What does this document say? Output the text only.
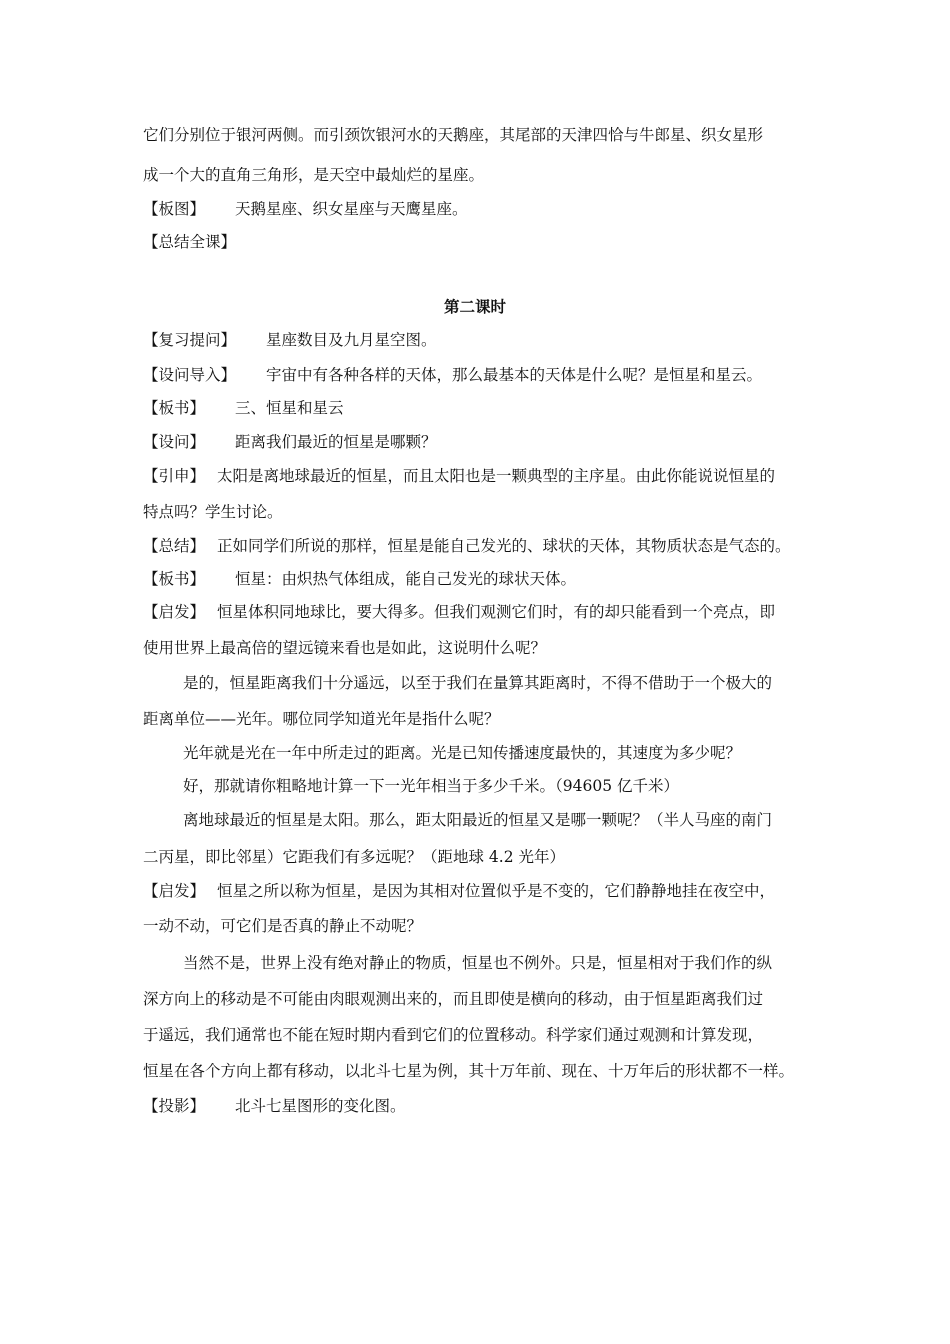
它们分别位于银河两侧。而引颈饮银河水的天鹅座，其尾部的天津四恰与牛郎星、织女星形
成一个大的直角三角形，是天空中最灿烂的星座。
【板图】 天鹅星座、织女星座与天鹰星座。
【总结全课】
第二课时
【复习提问】 星座数目及九月星空图。
【设问导入】 宇宙中有各种各样的天体，那么最基本的天体是什么呢？是恒星和星云。
【板书】 三、恒星和星云
【设问】 距离我们最近的恒星是哪颗？
【引申】 太阳是离地球最近的恒星，而且太阳也是一颗典型的主序星。由此你能说说恒星的
特点吗？学生讨论。
【总结】 正如同学们所说的那样，恒星是能自己发光的、球状的天体，其物质状态是气态的。
【板书】 恒星：由炽热气体组成，能自己发光的球状天体。
【启发】 恒星体积同地球比，要大得多。但我们观测它们时，有的却只能看到一个亮点，即
使用世界上最高倍的望远镜来看也是如此，这说明什么呢？
是的，恒星距离我们十分遥远，以至于我们在量算其距离时，不得不借助于一个极大的
距离单位——光年。哪位同学知道光年是指什么呢？
光年就是光在一年中所走过的距离。光是已知传播速度最快的，其速度为多少呢？
好，那就请你粗略地计算一下一光年相当于多少千米。（94605 亿千米）
离地球最近的恒星是太阳。那么，距太阳最近的恒星又是哪一颗呢？（半人马座的南门
二丙星，即比邻星）它距我们有多远呢？（距地球 4.2 光年）
【启发】 恒星之所以称为恒星，是因为其相对位置似乎是不变的，它们静静地挂在夜空中，
一动不动，可它们是否真的静止不动呢？
当然不是，世界上没有绝对静止的物质，恒星也不例外。只是，恒星相对于我们作的纵
深方向上的移动是不可能由肉眼观测出来的，而且即使是横向的移动，由于恒星距离我们过
于遥远，我们通常也不能在短时期内看到它们的位置移动。科学家们通过观测和计算发现，
恒星在各个方向上都有移动，以北斗七星为例，其十万年前、现在、十万年后的形状都不一样。
【投影】 北斗七星图形的变化图。
